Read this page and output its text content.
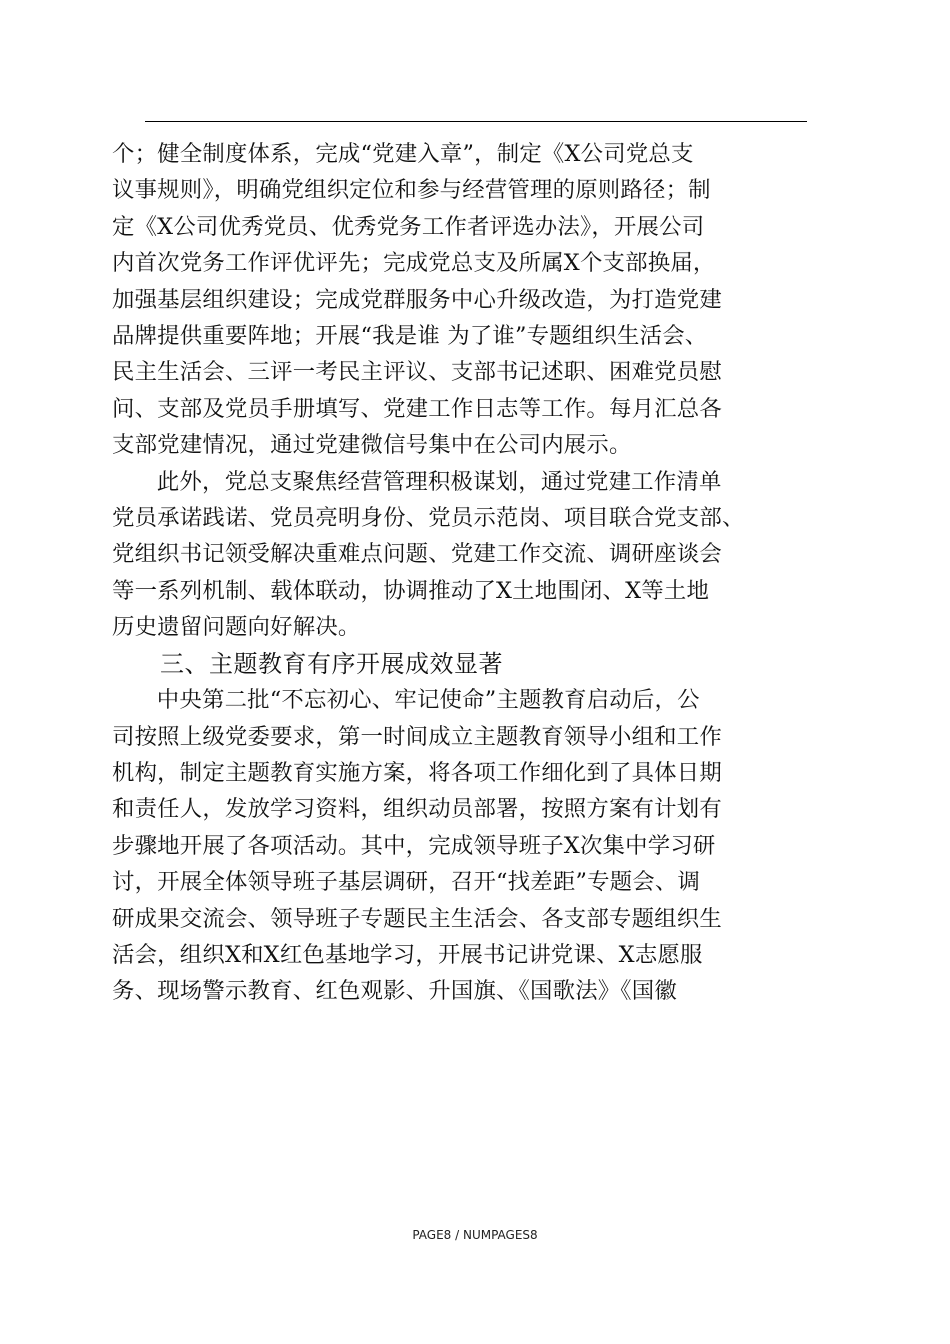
个；健全制度体系，完成“党建入章”，制定《X公司党总支
议事规则》，明确党组织定位和参与经营管理的原则路径；制
定《X公司优秀党员、优秀党务工作者评选办法》，开展公司
内首次党务工作评优评先；完成党总支及所属X个支部换届，
加强基层组织建设；完成党群服务中心升级改造，为打造党建
品牌提供重要阵地；开展“我是谁 为了谁”专题组织生活会、
民主生活会、三评一考民主评议、支部书记述职、困难党员慰
问、支部及党员手册填写、党建工作日志等工作。每月汇总各
支部党建情况，通过党建微信号集中在公司内展示。

此外，党总支聚焦经营管理积极谋划，通过党建工作清单
党员承诺践诺、党员亮明身份、党员示范岗、项目联合党支部、
党组织书记领受解决重难点问题、党建工作交流、调研座谈会
等一系列机制、载体联动，协调推动了X土地围闭、X等土地
历史遗留问题向好解决。

三、主题教育有序开展成效显著

中央第二批“不忘初心、牢记使命”主题教育启动后，公
司按照上级党委要求，第一时间成立主题教育领导小组和工作
机构，制定主题教育实施方案，将各项工作细化到了具体日期
和责任人，发放学习资料，组织动员部署，按照方案有计划有
步骤地开展了各项活动。其中，完成领导班子X次集中学习研
讨，开展全体领导班子基层调研，召开“找差距”专题会、调
研成果交流会、领导班子专题民主生活会、各支部专题组织生
活会，组织X和X红色基地学习，开展书记讲党课、X志愿服
务、现场警示教育、红色观影、升国旗、《国歌法》《国徽

PAGE8 / NUMPAGES8
